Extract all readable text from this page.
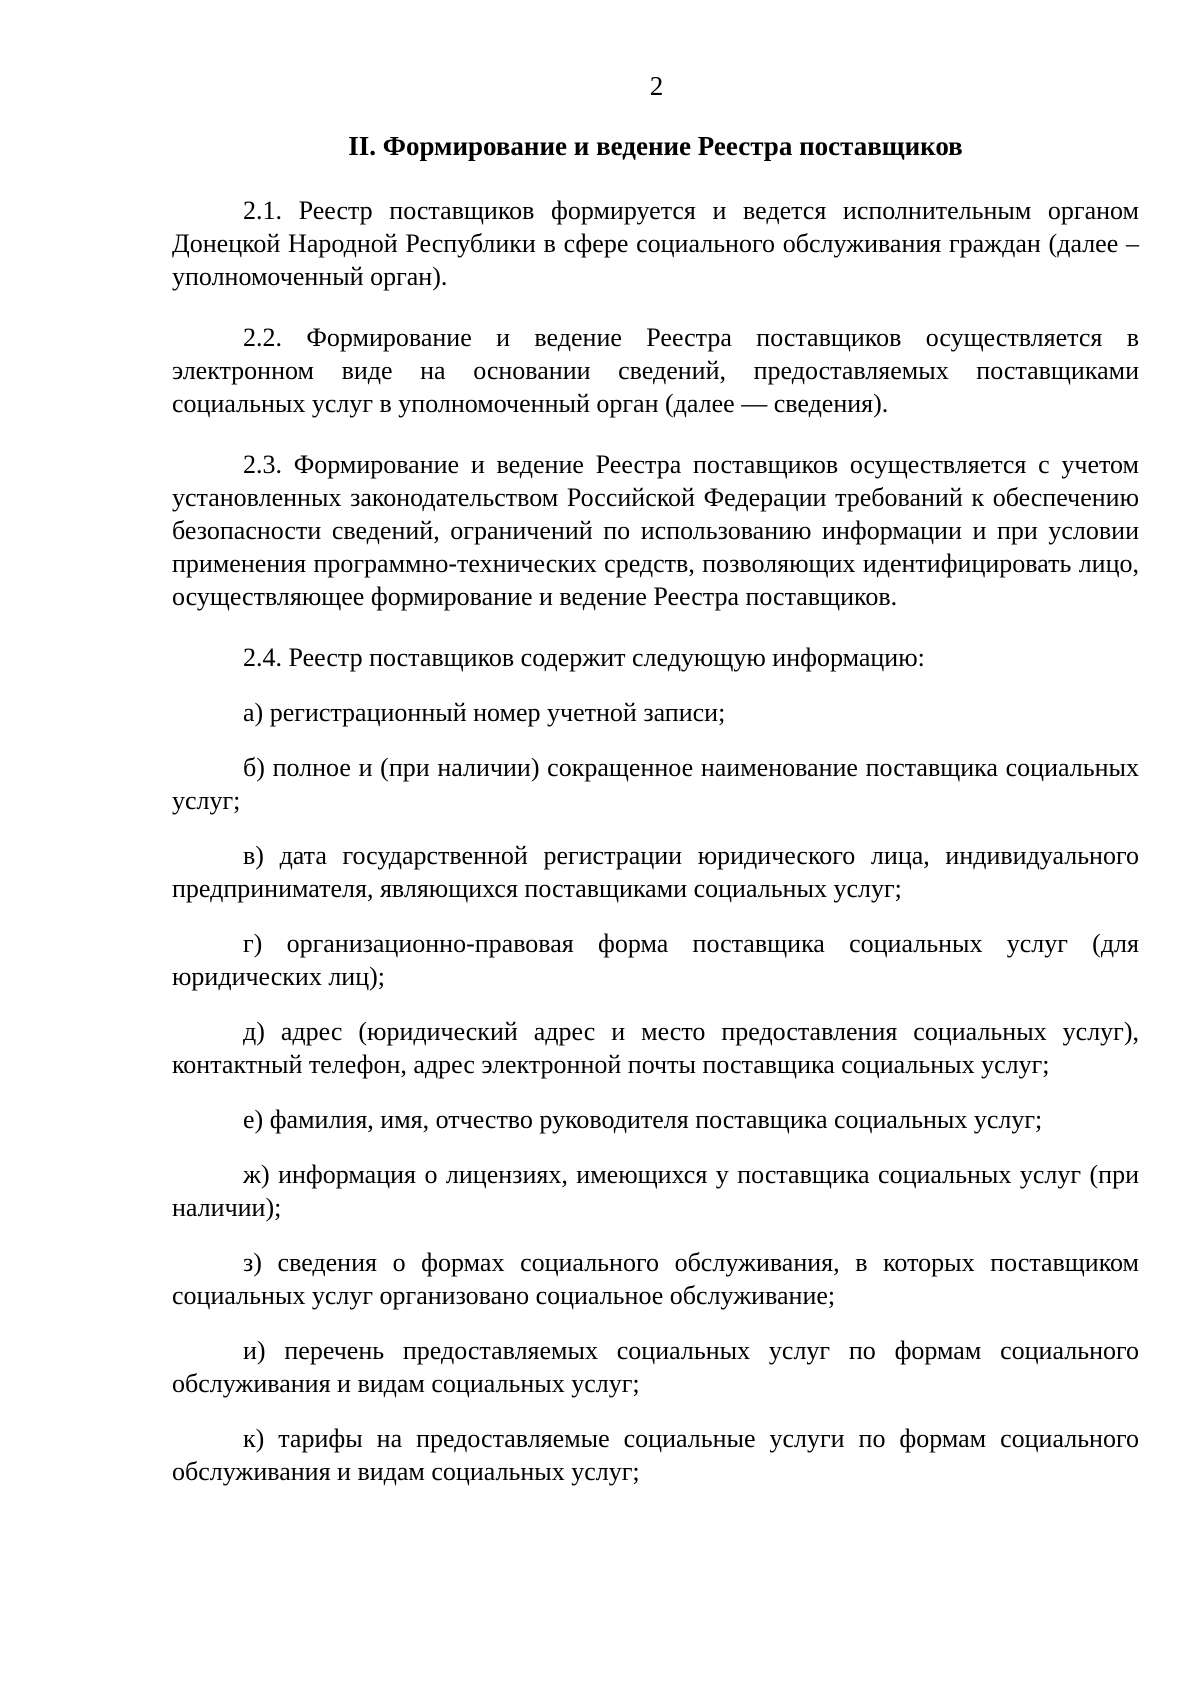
2
II. Формирование и ведение Реестра поставщиков

2.1. Реестр поставщиков формируется и ведется исполнительным органом Донецкой Народной Республики в сфере социального обслуживания граждан (далее – уполномоченный орган).

2.2. Формирование и ведение Реестра поставщиков осуществляется в электронном виде на основании сведений, предоставляемых поставщиками социальных услуг в уполномоченный орган (далее — сведения).

2.3. Формирование и ведение Реестра поставщиков осуществляется с учетом установленных законодательством Российской Федерации требований к обеспечению безопасности сведений, ограничений по использованию информации и при условии применения программно-технических средств, позволяющих идентифицировать лицо, осуществляющее формирование и ведение Реестра поставщиков.

2.4. Реестр поставщиков содержит следующую информацию:

а) регистрационный номер учетной записи;

б) полное и (при наличии) сокращенное наименование поставщика социальных услуг;

в) дата государственной регистрации юридического лица, индивидуального предпринимателя, являющихся поставщиками социальных услуг;

г) организационно-правовая форма поставщика социальных услуг (для юридических лиц);

д) адрес (юридический адрес и место предоставления социальных услуг), контактный телефон, адрес электронной почты поставщика социальных услуг;

е) фамилия, имя, отчество руководителя поставщика социальных услуг;

ж) информация о лицензиях, имеющихся у поставщика социальных услуг (при наличии);

з) сведения о формах социального обслуживания, в которых поставщиком социальных услуг организовано социальное обслуживание;

и) перечень предоставляемых социальных услуг по формам социального обслуживания и видам социальных услуг;

к) тарифы на предоставляемые социальные услуги по формам социального обслуживания и видам социальных услуг;
